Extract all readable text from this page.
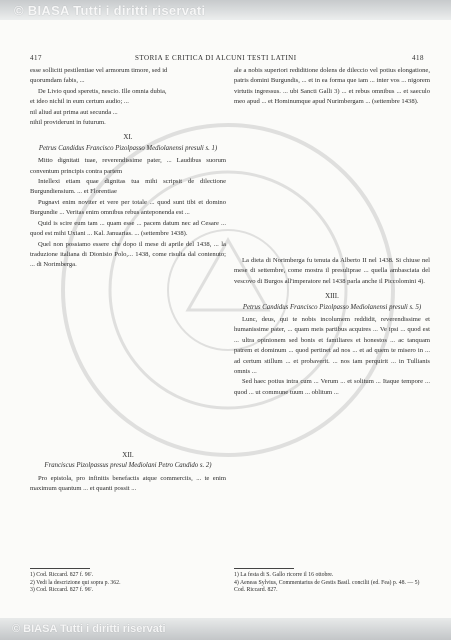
© BIASA Tutti i diritti riservati
417	STORIA E CRITICA DI ALCUNI TESTI LATINI	418

esse solliciti pestilentiae vel armorum timore, sed id

quorumdam fabis, ...

De Livio quod speretis, nescio. Ille omnia dubia,

et ideo nichil in eum certum audio; ...

nil aliud aut prima aut secunda ...

nihil providerunt in futurum.

XI.
Petrus Candidus Francisco Pizolpasso Mediolanensi presuli s. 1)

Mitto dignitati tuae, reverendissime pater, ... Laudibus suorum conventum principis contra partem

Intellexi etiam quae dignitas tua mihi scripsit de dilectione Burgundiensium. ... et Florentiae

Pugnavi enim noviter et vere per totale ... quod sunt tibi et domino Burgundie ... Veritas enim omnibus rebus anteponenda est ...

Quid is scire eum tam ... quam esse ... pacem datum nec ad Cesare ... quod est mihi Uxiani ... Kal. Januarias. ... (settembre 1438).

Quel non possiamo essere che dopo il mese di aprile del 1438, ... la traduzione italiana di Dionisio Polo,... 1438, come risulta dal contenuto; ... di Norimberga.

XII.
Franciscus Pizolpassus presul Mediolani Petro Candido s. 2)

Pro epistola, pro infinitis benefactis atque commerciis, ... te enim maximum quantum ... et quanti possit ...

ale a nobis superiori rediditione dolens de dileccio vel potius elongatione, patris domini Burgundis, ... et in ea forma que iam ... inter vos ... nigorem virtutis ingressus. ... ubi Sancti Galli 3) ... et rebus omnibus ... et saeculo meo apud ... et Hominumque apud Nurimbergam ... (settembre 1438).

La dieta di Norimberga fu tenuta da Alberto II nel 1438. Si chiuse nel mese di settembre, come mostra il presuliprae ... quella ambasciata del vescovo di Burgos all'imperatore nel 1438 parla anche il Piccolomini 4).

XIII.
Petrus Candidus Francisco Pizolpasso Mediolanensi presuli s. 5)

Lunc, deus, qui te nobis incolumem reddidit, reverendissime et humanissime pater, ... quam meis partibus acquires ... Ve ipsi ... quod est ... ultra opinionem sed bonis et familiares et honestos ... ac tanquam patrem et dominum ... quod pertinet ad nos ... et ad quem te misero in ... ad certum stillum ... et probaverit. ... nos iam perquirit ... in Tullianis omnis ...

Sed haec potius intra cum ... Verum ... et solitum ... Itaque tempore ... quod ... ut commune tuum ... oblitum ...

1) Cod. Riccard. 827 f. 96'.
2) Vedi la descrizione qui sopra p. 362.
3) Cod. Riccard. 827 f. 96'.
1) La festa di S. Gallo ricorre il 16 ottobre.
4) Aeneas Sylvius, Commentarius de Gestis Basil. concilii (ed. Fea) p. 48. — 5) Cod. Riccard. 827.
© BIASA Tutti i diritti riservati
